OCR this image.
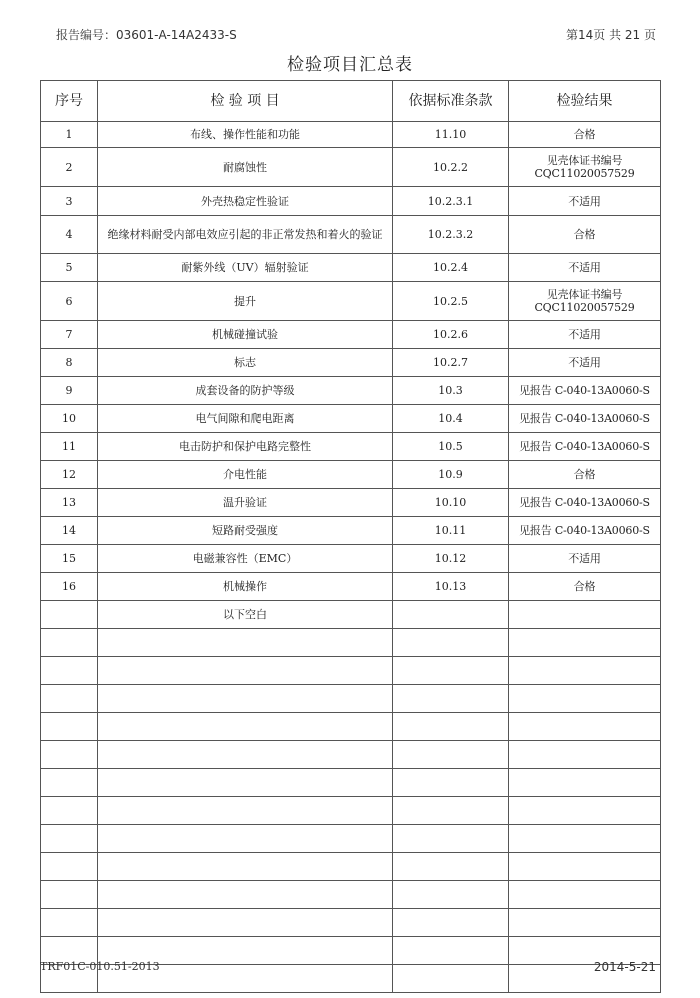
报告编号：03601-A-14A2433-S	第14页 共 21 页
检验项目汇总表
序号	检 验 项 目	依据标准条款	检验结果
1	布线、操作性能和功能	11.10	合格
2	耐腐蚀性	10.2.2	见壳体证书编号 CQC11020057529
3	外壳热稳定性验证	10.2.3.1	不适用
4	绝缘材料耐受内部电效应引起的非正常发热和着火的验证	10.2.3.2	合格
5	耐紫外线（UV）辐射验证	10.2.4	不适用
6	提升	10.2.5	见壳体证书编号 CQC11020057529
7	机械碰撞试验	10.2.6	不适用
8	标志	10.2.7	不适用
9	成套设备的防护等级	10.3	见报告 C-040-13A0060-S
10	电气间隙和爬电距离	10.4	见报告 C-040-13A0060-S
11	电击防护和保护电路完整性	10.5	见报告 C-040-13A0060-S
12	介电性能	10.9	合格
13	温升验证	10.10	见报告 C-040-13A0060-S
14	短路耐受强度	10.11	见报告 C-040-13A0060-S
15	电磁兼容性（EMC）	10.12	不适用
16	机械操作	10.13	合格
	以下空白		

TRF01C-010.51-2013	2014-5-21
